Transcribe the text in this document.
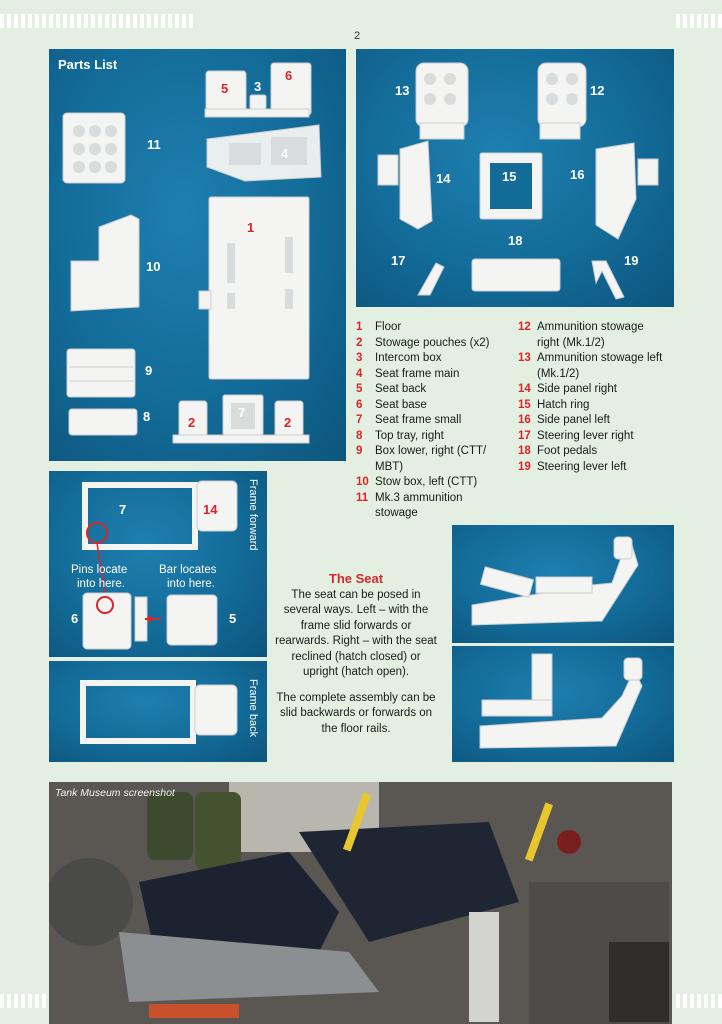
2
1
2	2
3
4
5
6
7
8
9
10
11
Parts List
12
13
14	15	16
17
18
19
1	Floor
2	Stowage pouches (x2)
3	Intercom box
4	Seat frame main
5	Seat back
6	Seat base
7	Seat frame small
8	Top tray, right
9	Box lower, right (CTT/ MBT)
10 Stow box, left (CTT)
11 Mk.3 ammunition stowage
12 Ammunition stowage right (Mk.1/2)
13 Ammunition stowage left (Mk.1/2)
14 Side panel right
15 Hatch ring
16 Side panel left
17 Steering lever right
18 Foot pedals
19 Steering lever left
7	14
6	5
Pins locate
into here.
Bar locates
into here.
Frame forward
Frame back
The Seat
The seat can be posed in several ways. Left – with the frame slid forwards or rearwards. Right – with the seat reclined (hatch closed) or upright (hatch open).
The complete assembly can be slid backwards or forwards on the floor rails.
Tank Museum screenshot
